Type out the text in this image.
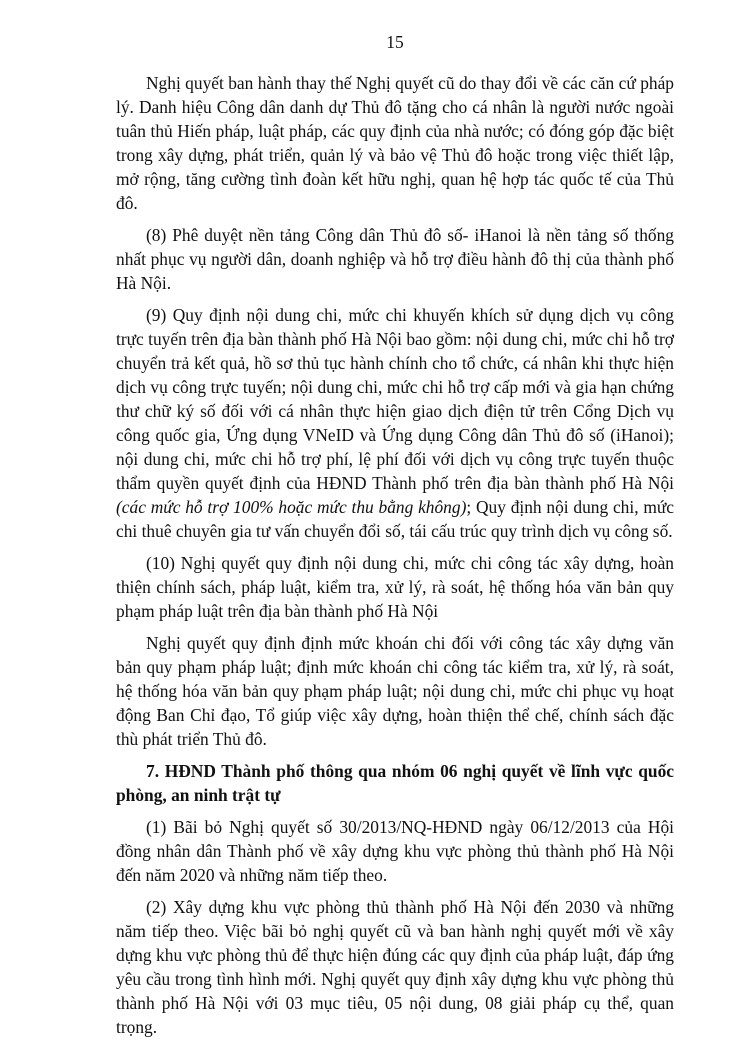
15

Nghị quyết ban hành thay thế Nghị quyết cũ do thay đổi về các căn cứ pháp lý. Danh hiệu Công dân danh dự Thủ đô tặng cho cá nhân là người nước ngoài tuân thủ Hiến pháp, luật pháp, các quy định của nhà nước; có đóng góp đặc biệt trong xây dựng, phát triển, quản lý và bảo vệ Thủ đô hoặc trong việc thiết lập, mở rộng, tăng cường tình đoàn kết hữu nghị, quan hệ hợp tác quốc tế của Thủ đô.

(8) Phê duyệt nền tảng Công dân Thủ đô số- iHanoi là nền tảng số thống nhất phục vụ người dân, doanh nghiệp và hỗ trợ điều hành đô thị của thành phố Hà Nội.

(9) Quy định nội dung chi, mức chi khuyến khích sử dụng dịch vụ công trực tuyến trên địa bàn thành phố Hà Nội bao gồm: nội dung chi, mức chi hỗ trợ chuyển trả kết quả, hồ sơ thủ tục hành chính cho tổ chức, cá nhân khi thực hiện dịch vụ công trực tuyến; nội dung chi, mức chi hỗ trợ cấp mới và gia hạn chứng thư chữ ký số đối với cá nhân thực hiện giao dịch điện tử trên Cổng Dịch vụ công quốc gia, Ứng dụng VNeID và Ứng dụng Công dân Thủ đô số (iHanoi); nội dung chi, mức chi hỗ trợ phí, lệ phí đối với dịch vụ công trực tuyến thuộc thẩm quyền quyết định của HĐND Thành phố trên địa bàn thành phố Hà Nội (các mức hỗ trợ 100% hoặc mức thu bằng không); Quy định nội dung chi, mức chi thuê chuyên gia tư vấn chuyển đổi số, tái cấu trúc quy trình dịch vụ công số.

(10) Nghị quyết quy định nội dung chi, mức chi công tác xây dựng, hoàn thiện chính sách, pháp luật, kiểm tra, xử lý, rà soát, hệ thống hóa văn bản quy phạm pháp luật trên địa bàn thành phố Hà Nội

Nghị quyết quy định định mức khoán chi đối với công tác xây dựng văn bản quy phạm pháp luật; định mức khoán chi công tác kiểm tra, xử lý, rà soát, hệ thống hóa văn bản quy phạm pháp luật; nội dung chi, mức chi phục vụ hoạt động Ban Chỉ đạo, Tổ giúp việc xây dựng, hoàn thiện thể chế, chính sách đặc thù phát triển Thủ đô.

7. HĐND Thành phố thông qua nhóm 06 nghị quyết về lĩnh vực quốc phòng, an ninh trật tự

(1) Bãi bỏ Nghị quyết số 30/2013/NQ-HĐND ngày 06/12/2013 của Hội đồng nhân dân Thành phố về xây dựng khu vực phòng thủ thành phố Hà Nội đến năm 2020 và những năm tiếp theo.

(2) Xây dựng khu vực phòng thủ thành phố Hà Nội đến 2030 và những năm tiếp theo. Việc bãi bỏ nghị quyết cũ và ban hành nghị quyết mới về xây dựng khu vực phòng thủ để thực hiện đúng các quy định của pháp luật, đáp ứng yêu cầu trong tình hình mới. Nghị quyết quy định xây dựng khu vực phòng thủ thành phố Hà Nội với 03 mục tiêu, 05 nội dung, 08 giải pháp cụ thể, quan trọng.
